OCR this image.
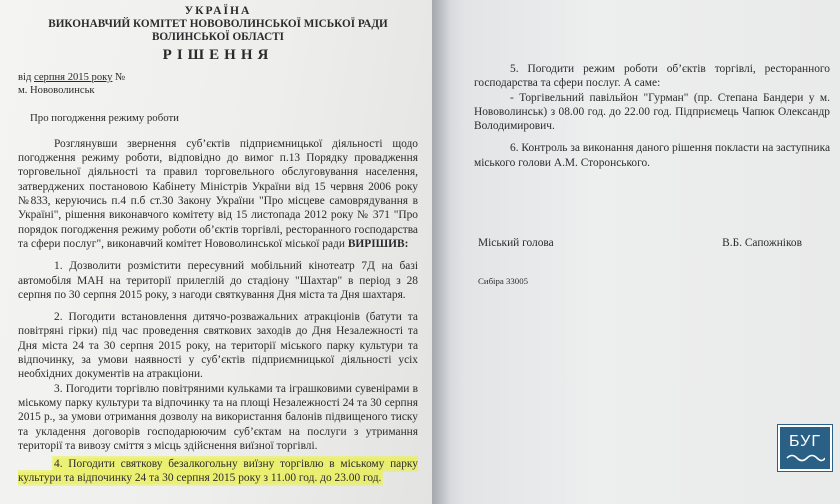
УКРАЇНА
ВИКОНАВЧИЙ КОМІТЕТ НОВОВОЛИНСЬКОЇ МІСЬКОЇ РАДИ
ВОЛИНСЬКОЇ ОБЛАСТІ
РІШЕННЯ
від серпня 2015 року №
м. Нововолинськ
Про погодження режиму роботи

Розглянувши звернення суб’єктів підприємницької діяльності щодо погодження режиму роботи, відповідно до вимог п.13 Порядку провадження торговельної діяльності та правил торговельного обслуговування населення, затверджених постановою Кабінету Міністрів України від 15 червня 2006 року №833, керуючись п.4 п.б ст.30 Закону України "Про місцеве самоврядування в Україні", рішення виконавчого комітету від 15 листопада 2012 року № 371 "Про порядок погодження режиму роботи об’єктів торгівлі, ресторанного господарства та сфери послуг", виконавчий комітет Нововолинської міської ради ВИРІШИВ:

1. Дозволити розмістити пересувний мобільний кінотеатр 7Д на базі автомобіля МАН на території прилеглій до стадіону "Шахтар" в період з 28 серпня по 30 серпня 2015 року, з нагоди святкування Дня міста та Дня шахтаря.

2. Погодити встановлення дитячо-розважальних атракціонів (батути та повітряні гірки) під час проведення святкових заходів до Дня Незалежності та Дня міста 24 та 30 серпня 2015 року, на території міського парку культури та відпочинку, за умови наявності у суб’єктів підприємницької діяльності усіх необхідних документів на атракціони.

3. Погодити торгівлю повітряними кульками та іграшковими сувенірами в міському парку культури та відпочинку та на площі Незалежності 24 та 30 серпня 2015 р., за умови отримання дозволу на використання балонів підвищеного тиску та укладення договорів господарюючим суб’єктам на послуги з утримання території та вивозу сміття з місць здійснення виїзної торгівлі.

4. Погодити святкову безалкогольну виїзну торгівлю в міському парку культури та відпочинку 24 та 30 серпня 2015 року з 11.00 год. до 23.00 год.

5. Погодити режим роботи об’єктів торгівлі, ресторанного господарства та сфери послуг. А саме:

- Торгівельний павільйон "Гурман" (пр. Степана Бандери у м. Нововолинськ) з 08.00 год. до 22.00 год. Підприємець Чапюк Олександр Володимирович.

6. Контроль за виконання даного рішення покласти на заступника міського голови А.М. Сторонського.

Міський голова	В.Б. Сапожніков
Сибіра 33005
БУГ
